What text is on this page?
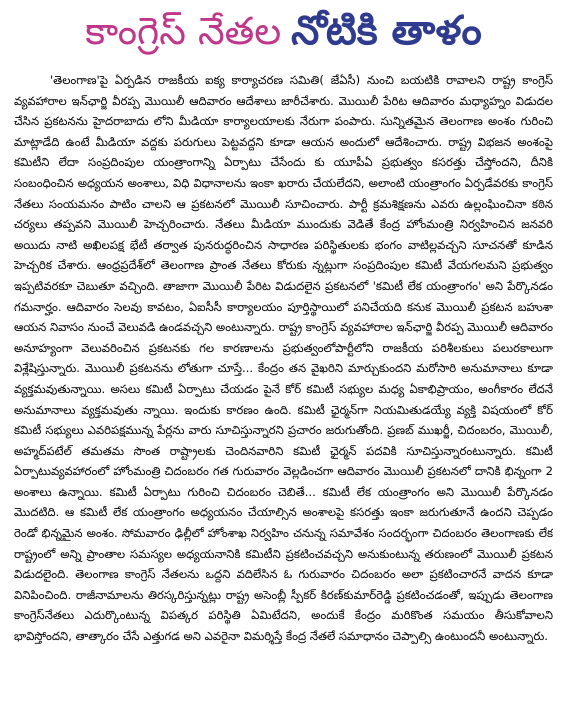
కాంగ్రెస్ నేతల నోటికి తాళం

'తెలంగాణ'పై ఏర్పడిన రాజకీయ ఐక్య కార్యాచరణ సమితి( జేఏసీ) నుంచి బయటికి రావాలని రాష్ట్ర కాంగ్రెస్ వ్యవహారాల ఇన్‌ఛార్జి వీరప్ప మొయిలీ ఆదివారం ఆదేశాలు జారీచేశారు. మొయిలీ పేరిట ఆదివారం మధ్యాహ్నం విడుదల చేసిన ప్రకటనను హైదరాబాదు లోని మీడియా కార్యాలయాలకు నేరుగా పంపారు. సున్నితమైన తెలంగాణ అంశం గురించి మాట్లాడేది ఉంటే మీడియా వద్దకు పరుగులు పెట్టవద్దని కూడా ఆయన అందులో ఆదేశించారు. రాష్ట్ర విభజన అంశంపై కమిటీని లేదా సంప్రదింపుల యంత్రాంగాన్ని ఏర్పాటు చేసేందు కు యూపీఏ ప్రభుత్వం కసరత్తు చేస్తోందని, దీనికి సంబంధించిన అధ్యయన అంశాలు, విధి విధానాలను ఇంకా ఖరారు చేయలేదని, అలాంటి యంత్రాంగం ఏర్పడేవరకు కాంగ్రెస్ నేతలు సంయమనం పాటిం చాలని ఆ ప్రకటనలో మొయిలీ సూచించారు. పార్టీ క్రమశిక్షణను ఎవరు ఉల్లంఘించినా కఠిన చర్యలు తప్పవని మొయిలీ హెచ్చరించారు. నేతలు మీడియా ముందుకు వెడితే కేంద్ర హోంమంత్రి నిర్వహించిన జనవరి అయిదు నాటి అఖిలపక్ష భేటీ తర్వాత పునరుద్ధరించిన సాధారణ పరిస్థితులకు భంగం వాటిల్లవచ్చని సూచనతో కూడిన హెచ్చరిక చేశారు. ఆంధ్రప్రదేశ్‌లో తెలంగాణ ప్రాంత నేతలు కోరుకు న్నట్లుగా సంప్రదింపుల కమిటీ వేయగలమని ప్రభుత్వం ఇప్పటివరకూ చెబుతూ వచ్చింది. తాజాగా మొయిలీ పేరిట విడుదలైన ప్రకటనలో 'కమిటీ లేక యంత్రాంగం' అని పేర్కొనడం గమనార్హం. ఆదివారం సెలవు కావటం, ఏఐసీసీ కార్యాలయం పూర్తిస్థాయిలో పనిచేయది కనుక మొయిలీ ప్రకటన బహుశా ఆయన నివాసం నుంచే వెలువడి ఉండవచ్చని అంటున్నారు. రాష్ట్ర కాంగ్రెస్ వ్యవహారాల ఇన్‌ఛార్జి వీరప్ప మొయిలీ ఆదివారం అనూహ్యంగా వెలువరించిన ప్రకటనకు గల కారణాలను ప్రభుత్వంలోపార్టీలోని రాజకీయ పరిశీలకులు పలురకాలుగా విశ్లేషిస్తున్నారు. మొయిలీ ప్రకటనను లోతుగా చూస్తే... కేంద్రం తన వైఖరిని మార్చుకుందని మరోసారి అనుమానాలు కూడా వ్యక్తమవుతున్నాయి. అసలు కమిటీ ఏర్పాటు చేయడం పైనే కోర్ కమిటీ సభ్యుల మధ్య ఏకాభిప్రాయం, అంగీకారం లేదనే అనుమానాలు వ్యక్తమవుతు న్నాయి. ఇందుకు కారణం ఉంది. కమిటీ ఛైర్మన్‌గా నియమితుడయ్యే వ్యక్తి విషయంలో కోర్ కమిటీ సభ్యులు ఎవరిపక్షమున్న పేర్లను వారు సూచిస్తున్నారని ప్రచారం జరుగుతోంది. ప్రణబ్ ముఖర్జీ, చిదంబరం, మొయిలీ, అహ్మద్‌పటేల్ తమతమ సొంత రాష్ట్రాలకు చెందినవారిని కమిటీ ఛైర్మన్ పదవికి సూచిస్తున్నారంటున్నారు. కమిటీ ఏర్పాటువ్యవహారంలో హోంమంత్రి చిదంబరం గత గురువారం వెల్లడించగా ఆదివారం మొయిలీ ప్రకటనలో దానికి భిన్నంగా 2 అంశాలు ఉన్నాయి. కమిటీ ఏర్పాటు గురించి చిదంబరం చెబితే... కమిటీ లేక యంత్రాంగం అని మొయిలీ పేర్కొనడం మొదటిది. ఆ కమిటీ లేక యంత్రాంగం అధ్యయనం చేయాల్సిన అంశాలపై కసరత్తు ఇంకా జరుగుతూనే ఉందని చెప్పడం రెండో భిన్నమైన అంశం. సోమవారం ఢిల్లీలో హోంశాఖ నిర్వహిం చనున్న సమావేశం సందర్భంగా చిదంబరం తెలంగాణకు లేక రాష్ట్రంలో అన్ని ప్రాంతాల సమస్యల అధ్యయనానికి కమిటీని ప్రకటించవచ్చని అనుకుంటున్న తరుణంలో మొయిలీ ప్రకటన విడుదలైంది. తెలంగాణ కాంగ్రెస్ నేతలను ఒద్దని వదిలేసిన ఓ గురువారం చిదంబరం అలా ప్రకటించారనే వాదన కూడా వినిపించింది. రాజీనామాలను తిరస్కరిస్తున్నట్లు రాష్ట్ర అసెంబ్లీ స్పీకర్ కిరణ్‌కుమార్‌రెడ్డి ప్రకటించడంతో, ఇప్పుడు తెలంగాణ కాంగ్రెస్‌నేతలు ఎదుర్కొంటున్న విపత్కర పరిస్థితి ఏమిటేదని, అందుకే కేంద్రం మరికొంత సమయం తీసుకోవాలని భావిస్తోందని, తాత్కారం చేసే ఎత్తుగడ అని ఎవరైనా విమర్శిస్తే కేంద్ర నేతలే సమాధానం చెప్పాల్సి ఉంటుందనీ అంటున్నారు.
